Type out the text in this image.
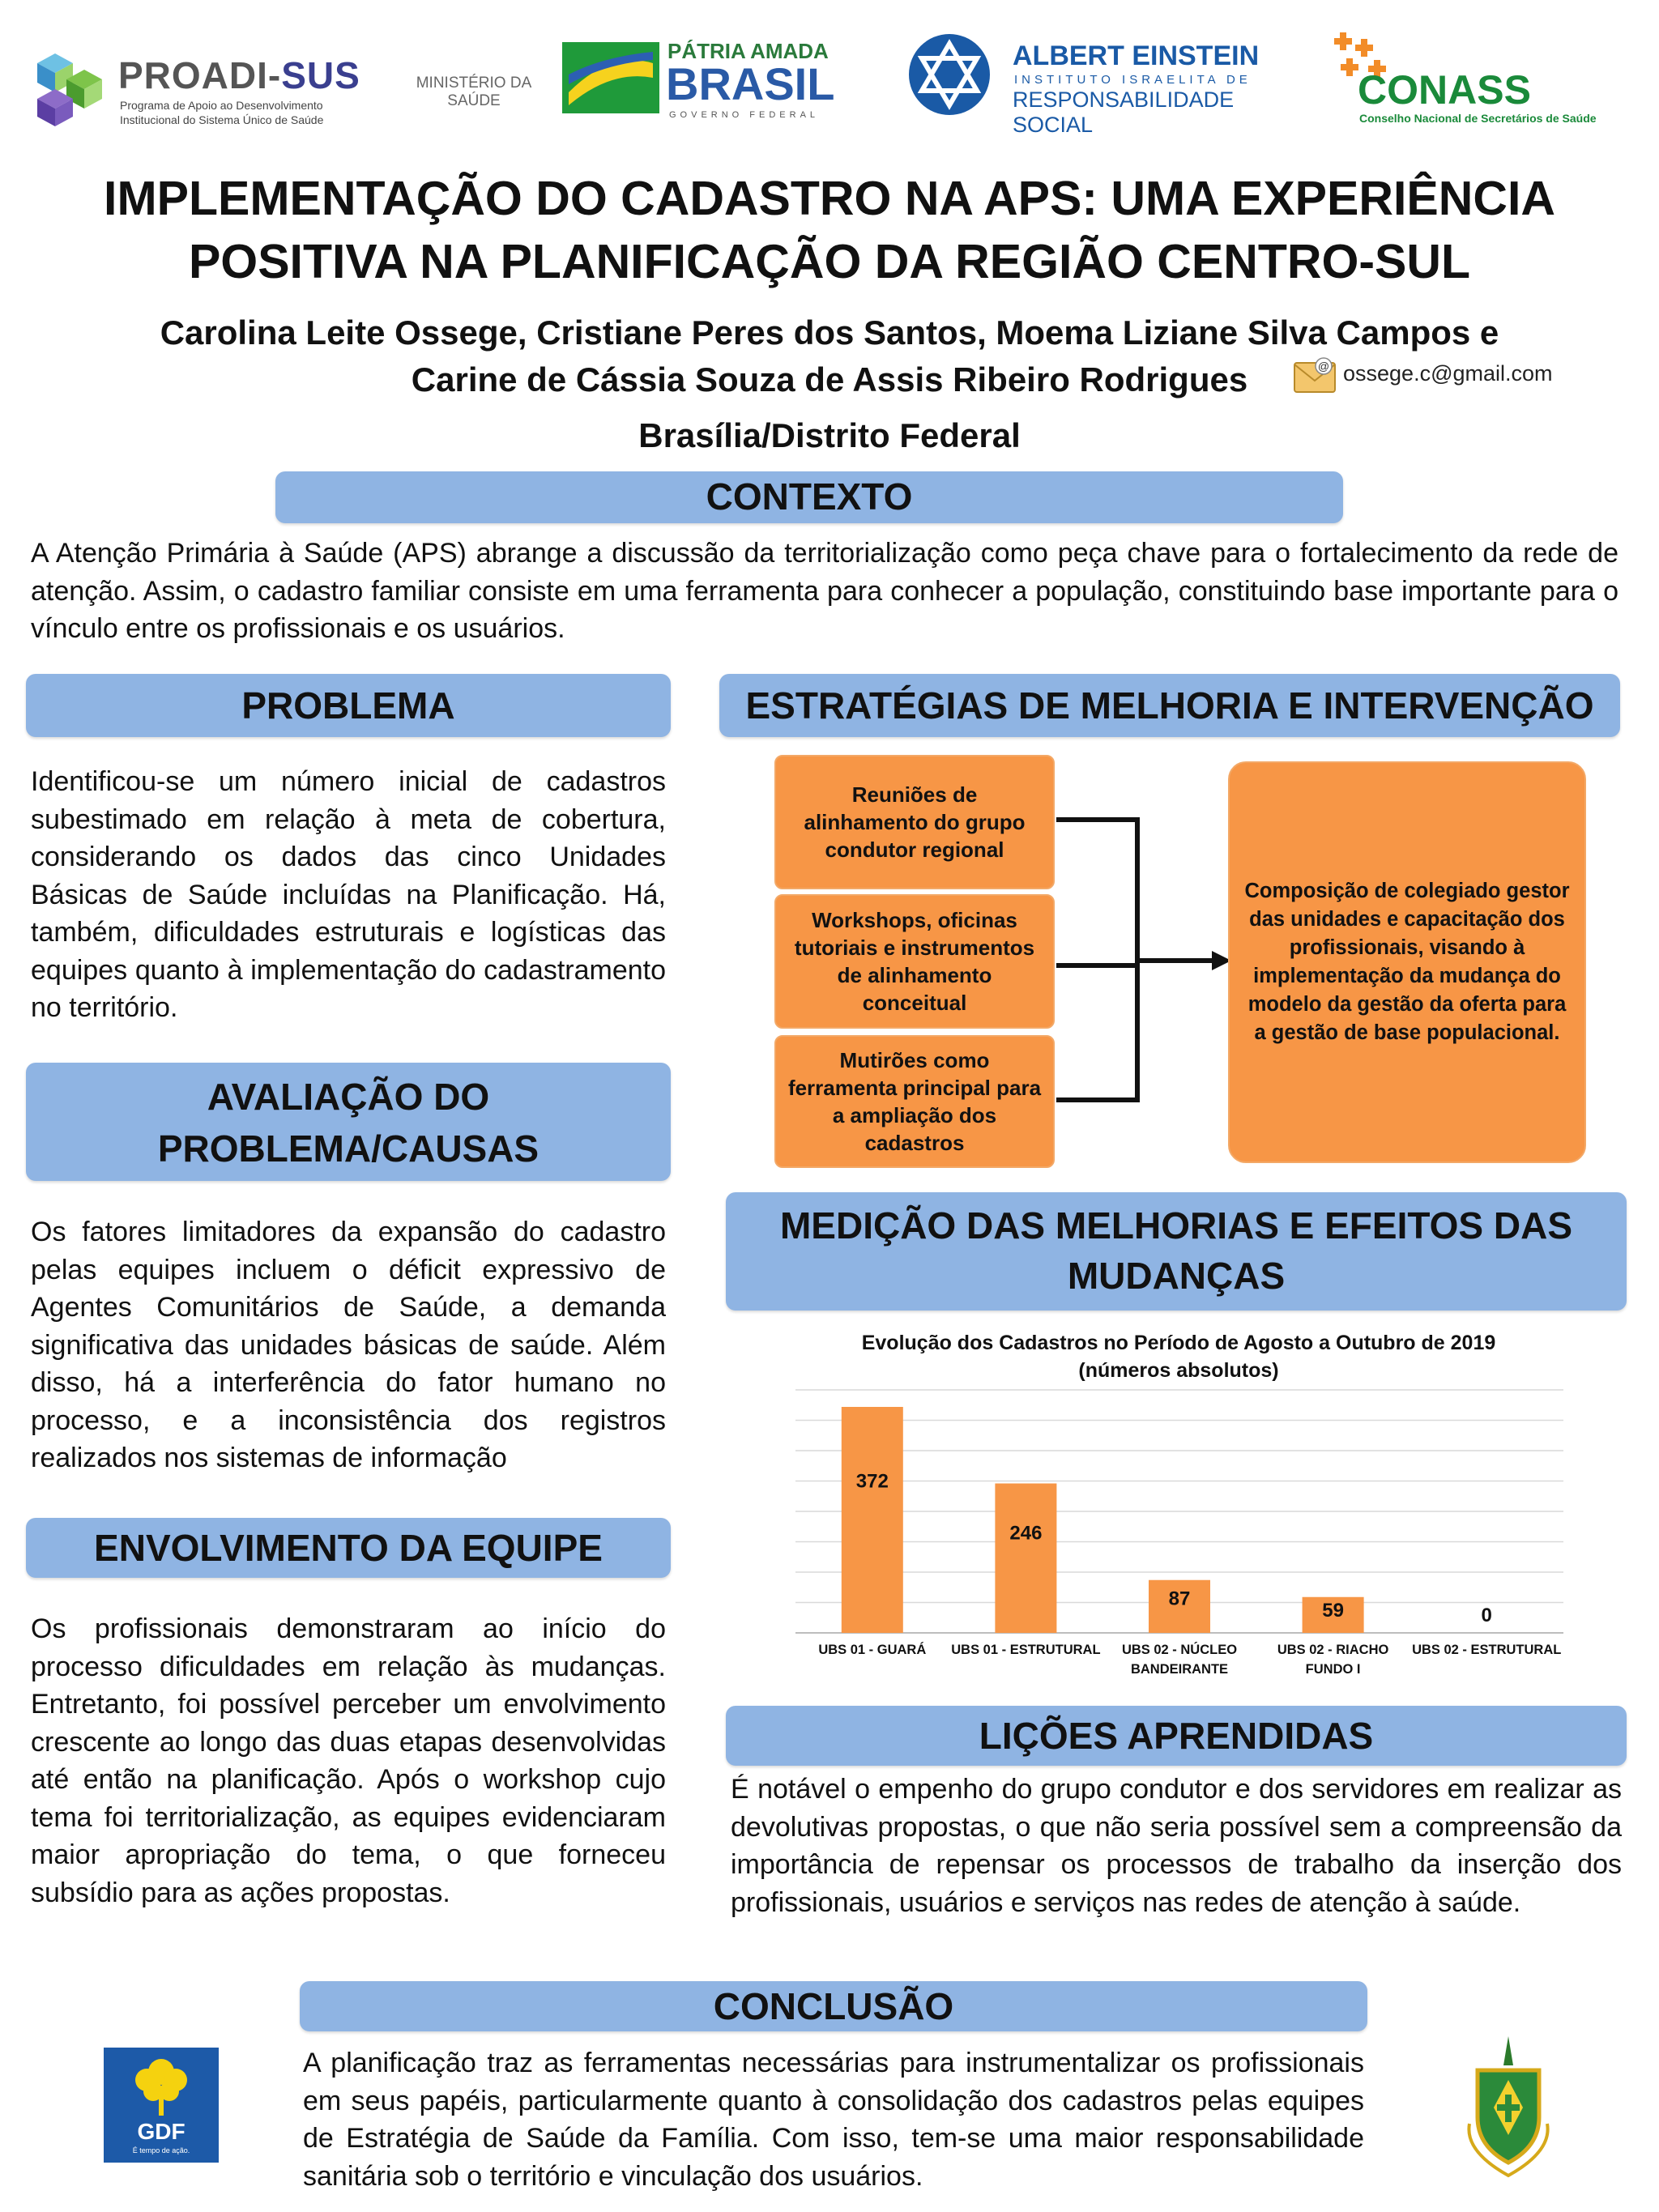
PROADI-SUS
Programa de Apoio ao Desenvolvimento
Institucional do Sistema Único de Saúde
MINISTÉRIO DA
SAÚDE
PÁTRIA AMADA
BRASIL
GOVERNO FEDERAL
ALBERT EINSTEIN
INSTITUTO ISRAELITA DE
RESPONSABILIDADE SOCIAL
CONASS
Conselho Nacional de Secretários de Saúde
IMPLEMENTAÇÃO DO CADASTRO NA APS: UMA EXPERIÊNCIA
POSITIVA NA PLANIFICAÇÃO DA REGIÃO CENTRO-SUL
Carolina Leite Ossege, Cristiane Peres dos Santos, Moema Liziane Silva Campos e
Carine de Cássia Souza de Assis Ribeiro Rodrigues	@ ossege.c@gmail.com
Brasília/Distrito Federal
CONTEXTO
A Atenção Primária à Saúde (APS) abrange a discussão da territorialização como peça chave para o fortalecimento da rede de atenção. Assim, o cadastro familiar consiste em uma ferramenta para conhecer a população, constituindo base importante para o vínculo entre os profissionais e os usuários.
PROBLEMA
Identificou-se um número inicial de cadastros subestimado em relação à meta de cobertura, considerando os dados das cinco Unidades Básicas de Saúde incluídas na Planificação. Há, também, dificuldades estruturais e logísticas das equipes quanto à implementação do cadastramento no território.
AVALIAÇÃO DO
PROBLEMA/CAUSAS
Os fatores limitadores da expansão do cadastro pelas equipes incluem o déficit expressivo de Agentes Comunitários de Saúde, a demanda significativa das unidades básicas de saúde. Além disso, há a interferência do fator humano no processo, e a inconsistência dos registros realizados nos sistemas de informação
ENVOLVIMENTO DA EQUIPE
Os profissionais demonstraram ao início do processo dificuldades em relação às mudanças. Entretanto, foi possível perceber um envolvimento crescente ao longo das duas etapas desenvolvidas até então na planificação. Após o workshop cujo tema foi territorialização, as equipes evidenciaram maior apropriação do tema, o que forneceu subsídio para as ações propostas.
ESTRATÉGIAS DE MELHORIA E INTERVENÇÃO
Reuniões de alinhamento do grupo condutor regional
Workshops, oficinas tutoriais e instrumentos de alinhamento conceitual
Mutirões como ferramenta principal para a ampliação dos cadastros
Composição de colegiado gestor das unidades e capacitação dos profissionais, visando à implementação da mudança do modelo da gestão da oferta para a gestão de base populacional.
MEDIÇÃO DAS MELHORIAS E EFEITOS DAS
MUDANÇAS
Evolução dos Cadastros no Período de Agosto a Outubro de 2019
(números absolutos)
372
UBS 01 - GUARÁ
246
UBS 01 - ESTRUTURAL
87
UBS 02 - NÚCLEO
BANDEIRANTE
59
UBS 02 - RIACHO
FUNDO I
0
UBS 02 - ESTRUTURAL
LIÇÕES APRENDIDAS
É notável o empenho do grupo condutor e dos servidores em realizar as devolutivas propostas, o que não seria possível sem a compreensão da importância de repensar os processos de trabalho da inserção dos profissionais, usuários e serviços nas redes de atenção à saúde.
CONCLUSÃO
GDF
É tempo de ação.
A planificação traz as ferramentas necessárias para instrumentalizar os profissionais em seus papéis, particularmente quanto à consolidação dos cadastros pelas equipes de Estratégia de Saúde da Família. Com isso, tem-se uma maior responsabilidade sanitária sob o território e vinculação dos usuários.
